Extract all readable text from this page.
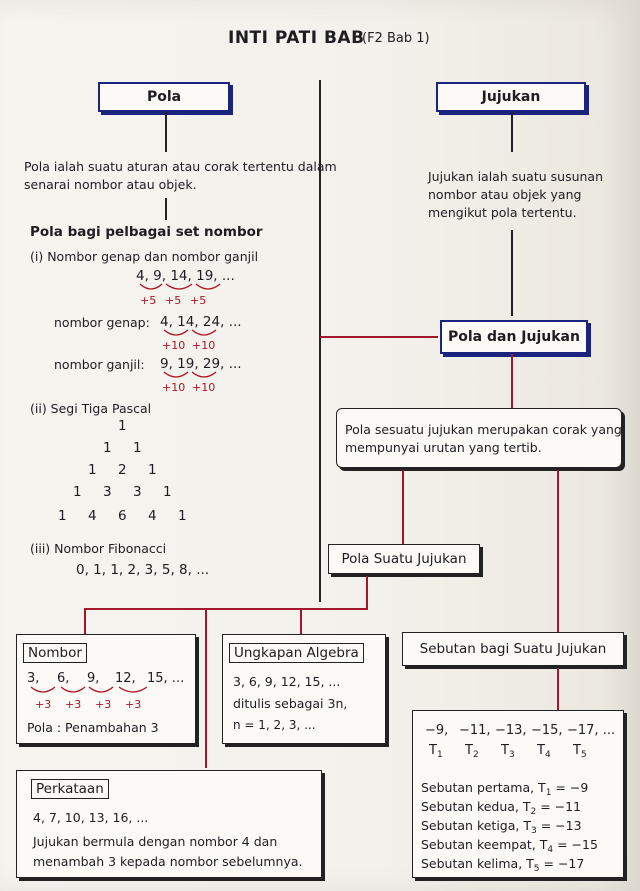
INTI PATI BAB
(F2 Bab 1)
Pola
Pola ialah suatu aturan atau corak tertentu dalam
senarai nombor atau objek.
Pola bagi pelbagai set nombor
(i) Nombor genap dan nombor ganjil
4, 9, 14, 19, ...
+5 +5 +5
nombor genap: 4, 14, 24, ...
+10 +10
nombor ganjil: 9, 19, 29, ...
+10 +10
(ii) Segi Tiga Pascal
1
1 1
1 2 1
1 3 3 1
1 4 6 4 1
(iii) Nombor Fibonacci
0, 1, 1, 2, 3, 5, 8, ...
Jujukan
Jujukan ialah suatu susunan
nombor atau objek yang
mengikut pola tertentu.
Pola dan Jujukan
Pola sesuatu jujukan merupakan corak yang
mempunyai urutan yang tertib.
Pola Suatu Jujukan
Nombor
3, 6, 9, 12, 15, ...
+3 +3 +3 +3
Pola : Penambahan 3
Ungkapan Algebra
3, 6, 9, 12, 15, ...
ditulis sebagai 3n,
n = 1, 2, 3, ...
Perkataan
4, 7, 10, 13, 16, ...
Jujukan bermula dengan nombor 4 dan
menambah 3 kepada nombor sebelumnya.
Sebutan bagi Suatu Jujukan
−9, −11, −13, −15, −17, ...
$T_1$ $T_2$ $T_3$ $T_4$ $T_5$
Sebutan pertama, $T_1 = -9$
Sebutan kedua, $T_2 = -11$
Sebutan ketiga, $T_3 = -13$
Sebutan keempat, $T_4 = -15$
Sebutan kelima, $T_5 = -17$
